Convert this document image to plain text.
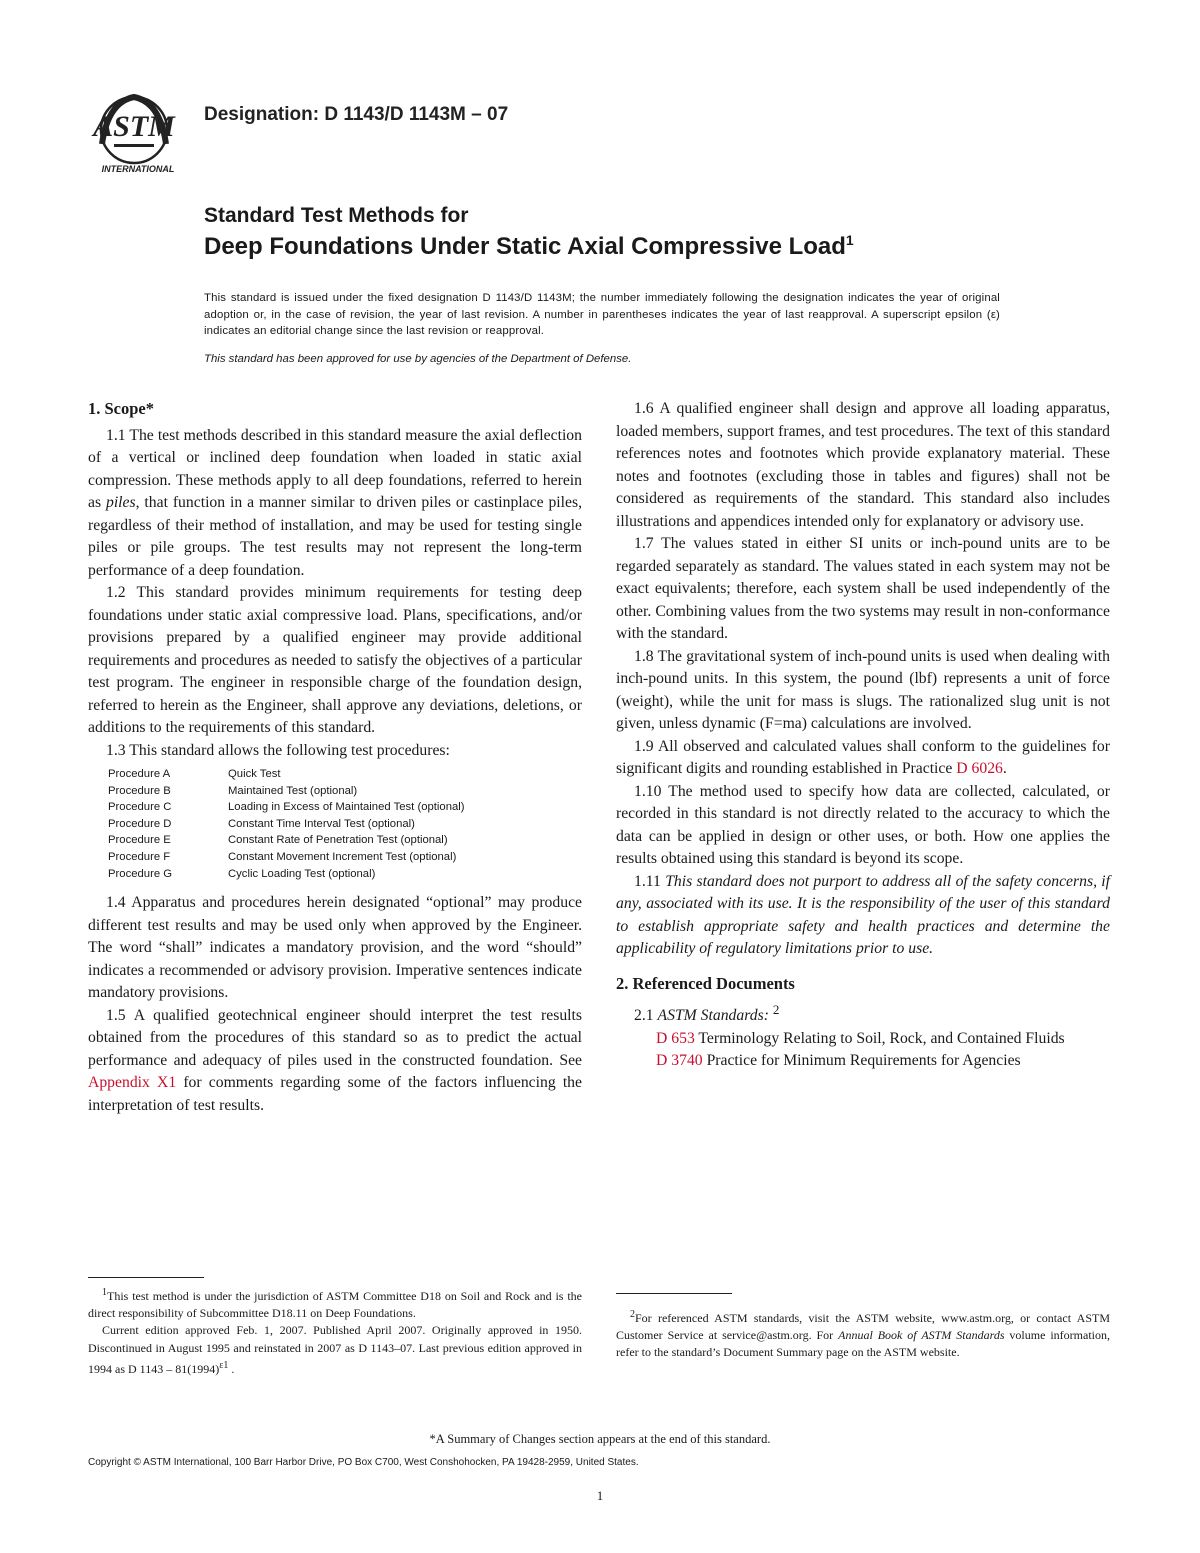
ASTM
INTERNATIONAL
Designation: D 1143/D 1143M – 07
Standard Test Methods for
Deep Foundations Under Static Axial Compressive Load$^1$
This standard is issued under the fixed designation D 1143/D 1143M; the number immediately following the designation indicates the year of original adoption or, in the case of revision, the year of last revision. A number in parentheses indicates the year of last reapproval. A superscript epsilon (ε) indicates an editorial change since the last revision or reapproval.
This standard has been approved for use by agencies of the Department of Defense.
1. Scope*

1.1 The test methods described in this standard measure the axial deflection of a vertical or inclined deep foundation when loaded in static axial compression. These methods apply to all deep foundations, referred to herein as piles, that function in a manner similar to driven piles or castinplace piles, regardless of their method of installation, and may be used for testing single piles or pile groups. The test results may not represent the long-term performance of a deep foundation.

1.2 This standard provides minimum requirements for testing deep foundations under static axial compressive load. Plans, specifications, and/or provisions prepared by a qualified engineer may provide additional requirements and procedures as needed to satisfy the objectives of a particular test program. The engineer in responsible charge of the foundation design, referred to herein as the Engineer, shall approve any deviations, deletions, or additions to the requirements of this standard.

1.3 This standard allows the following test procedures:

Procedure A	Quick Test
Procedure B	Maintained Test (optional)
Procedure C	Loading in Excess of Maintained Test (optional)
Procedure D	Constant Time Interval Test (optional)
Procedure E	Constant Rate of Penetration Test (optional)
Procedure F	Constant Movement Increment Test (optional)
Procedure G	Cyclic Loading Test (optional)

1.4 Apparatus and procedures herein designated “optional” may produce different test results and may be used only when approved by the Engineer. The word “shall” indicates a mandatory provision, and the word “should” indicates a recommended or advisory provision. Imperative sentences indicate mandatory provisions.

1.5 A qualified geotechnical engineer should interpret the test results obtained from the procedures of this standard so as to predict the actual performance and adequacy of piles used in the constructed foundation. See Appendix X1 for comments regarding some of the factors influencing the interpretation of test results.

$^1$This test method is under the jurisdiction of ASTM Committee D18 on Soil and Rock and is the direct responsibility of Subcommittee D18.11 on Deep Foundations.

Current edition approved Feb. 1, 2007. Published April 2007. Originally approved in 1950. Discontinued in August 1995 and reinstated in 2007 as D 1143–07. Last previous edition approved in 1994 as D $1143 - 81(1994)^{\varepsilon 1}$ .

1.6 A qualified engineer shall design and approve all loading apparatus, loaded members, support frames, and test procedures. The text of this standard references notes and footnotes which provide explanatory material. These notes and footnotes (excluding those in tables and figures) shall not be considered as requirements of the standard. This standard also includes illustrations and appendices intended only for explanatory or advisory use.

1.7 The values stated in either SI units or inch-pound units are to be regarded separately as standard. The values stated in each system may not be exact equivalents; therefore, each system shall be used independently of the other. Combining values from the two systems may result in non-conformance with the standard.

1.8 The gravitational system of inch-pound units is used when dealing with inch-pound units. In this system, the pound (lbf) represents a unit of force (weight), while the unit for mass is slugs. The rationalized slug unit is not given, unless dynamic (F=ma) calculations are involved.

1.9 All observed and calculated values shall conform to the guidelines for significant digits and rounding established in Practice D 6026.

1.10 The method used to specify how data are collected, calculated, or recorded in this standard is not directly related to the accuracy to which the data can be applied in design or other uses, or both. How one applies the results obtained using this standard is beyond its scope.

1.11 This standard does not purport to address all of the safety concerns, if any, associated with its use. It is the responsibility of the user of this standard to establish appropriate safety and health practices and determine the applicability of regulatory limitations prior to use.

2. Referenced Documents

2.1 ASTM Standards: $^2$

D 653 Terminology Relating to Soil, Rock, and Contained Fluids

D 3740 Practice for Minimum Requirements for Agencies

$^2$For referenced ASTM standards, visit the ASTM website, www.astm.org, or contact ASTM Customer Service at service@astm.org. For Annual Book of ASTM Standards volume information, refer to the standard’s Document Summary page on the ASTM website.

*A Summary of Changes section appears at the end of this standard.
Copyright © ASTM International, 100 Barr Harbor Drive, PO Box C700, West Conshohocken, PA 19428-2959, United States.
1
